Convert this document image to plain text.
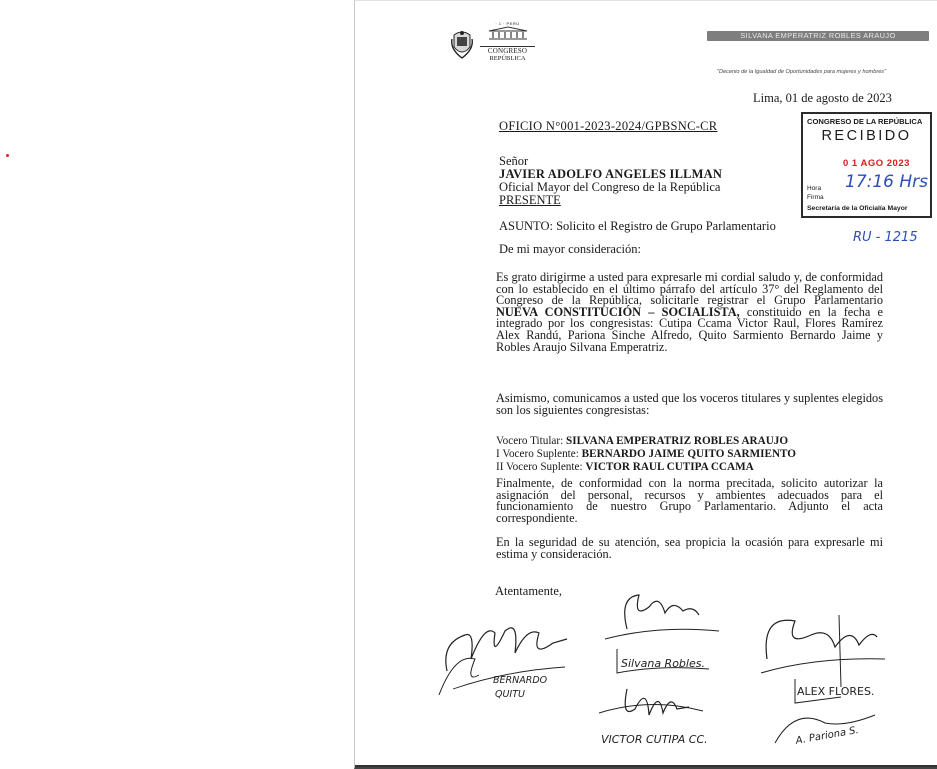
· 1 · PERÚ
CONGRESO
REPÚBLICA
SILVANA EMPERATRIZ ROBLES ARAUJO
"Decenio de la Igualdad de Oportunidades para mujeres y hombres"
Lima, 01 de agosto de 2023
OFICIO N°001-2023-2024/GPBSNC-CR	CONGRESO DE LA REPÚBLICA
RECIBIDO
0 1 AGO 2023
17:16 Hrs
Hora
Firma
Secretaría de la Oficialía Mayor
Señor
JAVIER ADOLFO ANGELES ILLMAN
Oficial Mayor del Congreso de la República
PRESENTE
ASUNTO: Solicito el Registro de Grupo Parlamentario
RU - 1215
De mi mayor consideración:
Es grato dirigirme a usted para expresarle mi cordial saludo y, de conformidad con lo establecido en el último párrafo del artículo 37° del Reglamento del Congreso de la República, solicitarle registrar el Grupo Parlamentario NUEVA CONSTITUCIÓN – SOCIALISTA, constituido en la fecha e integrado por los congresistas: Cutipa Ccama Victor Raul, Flores Ramírez Alex Randú, Pariona Sinche Alfredo, Quito Sarmiento Bernardo Jaime y Robles Araujo Silvana Emperatriz.
Asimismo, comunicamos a usted que los voceros titulares y suplentes elegidos son los siguientes congresistas:
Vocero Titular: SILVANA EMPERATRIZ ROBLES ARAUJO
I Vocero Suplente: BERNARDO JAIME QUITO SARMIENTO
II Vocero Suplente: VICTOR RAUL CUTIPA CCAMA
Finalmente, de conformidad con la norma precitada, solicito autorizar la asignación del personal, recursos y ambientes adecuados para el funcionamiento de nuestro Grupo Parlamentario. Adjunto el acta correspondiente.
En la seguridad de su atención, sea propicia la ocasión para expresarle mi estima y consideración.
Atentamente,
BERNARDO
QUITU
Silvana Robles.
VICTOR CUTIPA CC.
ALEX FLORES.
A. Pariona S.
